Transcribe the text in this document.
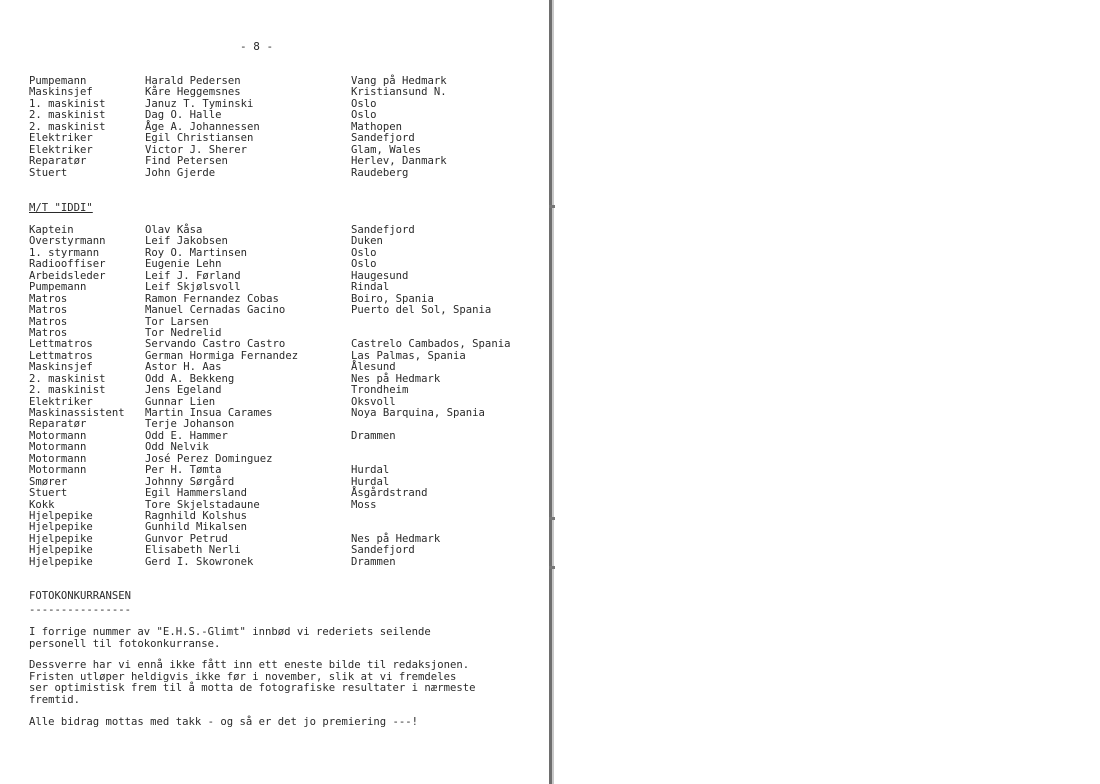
- 8 -
Pumpemann	Harald Pedersen	Vang på Hedmark
Maskinsjef	Kåre Heggemsnes	Kristiansund N.
1. maskinist	Januz T. Tyminski	Oslo
2. maskinist	Dag O. Halle	Oslo
2. maskinist	Åge A. Johannessen	Mathopen
Elektriker	Egil Christiansen	Sandefjord
Elektriker	Victor J. Sherer	Glam, Wales
Reparatør	Find Petersen	Herlev, Danmark
Stuert	John Gjerde	Raudeberg
M/T "IDDI"
Kaptein	Olav Kåsa	Sandefjord
Overstyrmann	Leif Jakobsen	Duken
1. styrmann	Roy O. Martinsen	Oslo
Radiooffiser	Eugenie Lehn	Oslo
Arbeidsleder	Leif J. Førland	Haugesund
Pumpemann	Leif Skjølsvoll	Rindal
Matros	Ramon Fernandez Cobas	Boiro, Spania
Matros	Manuel Cernadas Gacino	Puerto del Sol, Spania
Matros	Tor Larsen
Matros	Tor Nedrelid
Lettmatros	Servando Castro Castro	Castrelo Cambados, Spania
Lettmatros	German Hormiga Fernandez	Las Palmas, Spania
Maskinsjef	Astor H. Aas	Ålesund
2. maskinist	Odd A. Bekkeng	Nes på Hedmark
2. maskinist	Jens Egeland	Trondheim
Elektriker	Gunnar Lien	Oksvoll
Maskinassistent Martin Insua Carames	Noya Barquina, Spania
Reparatør	Terje Johanson
Motormann	Odd E. Hammer	Drammen
Motormann	Odd Nelvik
Motormann	José Perez Dominguez
Motormann	Per H. Tømta	Hurdal
Smører	Johnny Sørgård	Hurdal
Stuert	Egil Hammersland	Åsgårdstrand
Kokk	Tore Skjelstadaune	Moss
Hjelpepike	Ragnhild Kolshus
Hjelpepike	Gunhild Mikalsen
Hjelpepike	Gunvor Petrud	Nes på Hedmark
Hjelpepike	Elisabeth Nerli	Sandefjord
Hjelpepike	Gerd I. Skowronek	Drammen
FOTOKONKURRANSEN
----------------
I forrige nummer av "E.H.S.-Glimt" innbød vi rederiets seilende
personell til fotokonkurranse.
Dessverre har vi ennå ikke fått inn ett eneste bilde til redaksjonen.
Fristen utløper heldigvis ikke før i november, slik at vi fremdeles
ser optimistisk frem til å motta de fotografiske resultater i nærmeste
fremtid.
Alle bidrag mottas med takk - og så er det jo premiering ---!
